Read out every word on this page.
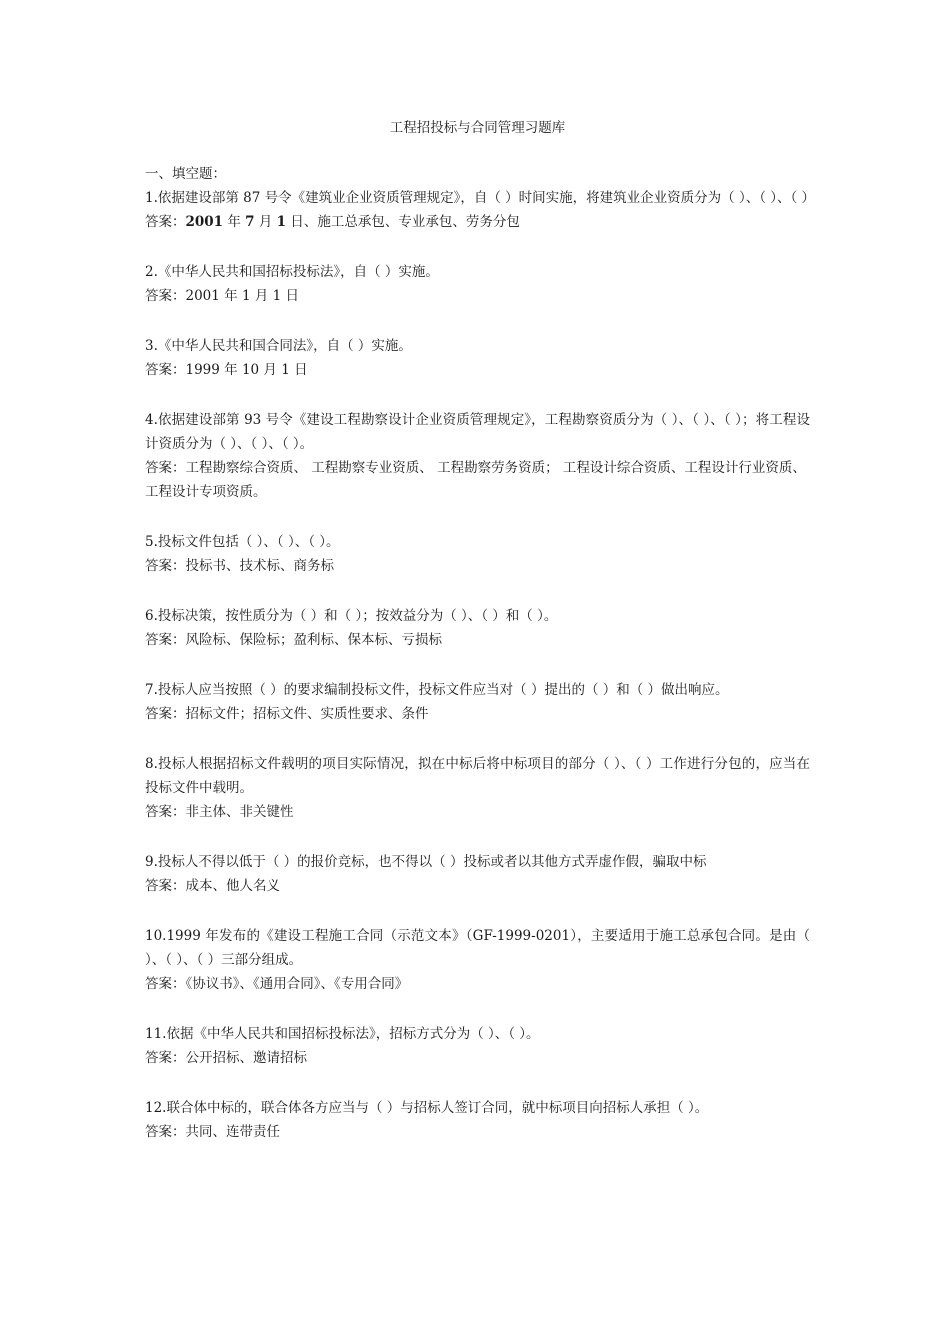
工程招投标与合同管理习题库

一、填空题：

1.依据建设部第 87 号令《建筑业企业资质管理规定》，自（ ）时间实施，将建筑业企业资质分为（ ）、（ ）、（ ）

答案：2001 年 7 月 1 日、施工总承包、专业承包、劳务分包

2.《中华人民共和国招标投标法》，自（ ）实施。

答案：2001 年 1 月 1 日

3.《中华人民共和国合同法》，自（ ）实施。

答案：1999 年 10 月 1 日

4.依据建设部第 93 号令《建设工程勘察设计企业资质管理规定》，工程勘察资质分为（ ）、（ ）、（ ）；将工程设计资质分为（ ）、（ ）、（ ）。

答案：工程勘察综合资质、 工程勘察专业资质、 工程勘察劳务资质； 工程设计综合资质、工程设计行业资质、 工程设计专项资质。

5.投标文件包括（ ）、（ ）、（ ）。

答案：投标书、技术标、商务标

6.投标决策，按性质分为（ ）和（ ）；按效益分为（ ）、（ ）和（ ）。

答案：风险标、保险标；盈利标、保本标、亏损标

7.投标人应当按照（ ）的要求编制投标文件，投标文件应当对（ ）提出的（ ）和（ ）做出响应。

答案：招标文件；招标文件、实质性要求、条件

8.投标人根据招标文件载明的项目实际情况，拟在中标后将中标项目的部分（ ）、（ ）工作进行分包的，应当在投标文件中载明。

答案：非主体、非关键性

9.投标人不得以低于（ ）的报价竞标，也不得以（ ）投标或者以其他方式弄虚作假，骗取中标

答案：成本、他人名义

10.1999 年发布的《建设工程施工合同（示范文本》（GF-1999-0201），主要适用于施工总承包合同。是由（ ）、（ ）、（ ）三部分组成。

答案：《协议书》、《通用合同》、《专用合同》

11.依据《中华人民共和国招标投标法》，招标方式分为（ ）、（ ）。

答案：公开招标、邀请招标

12.联合体中标的，联合体各方应当与（ ）与招标人签订合同，就中标项目向招标人承担（ ）。

答案：共同、连带责任
